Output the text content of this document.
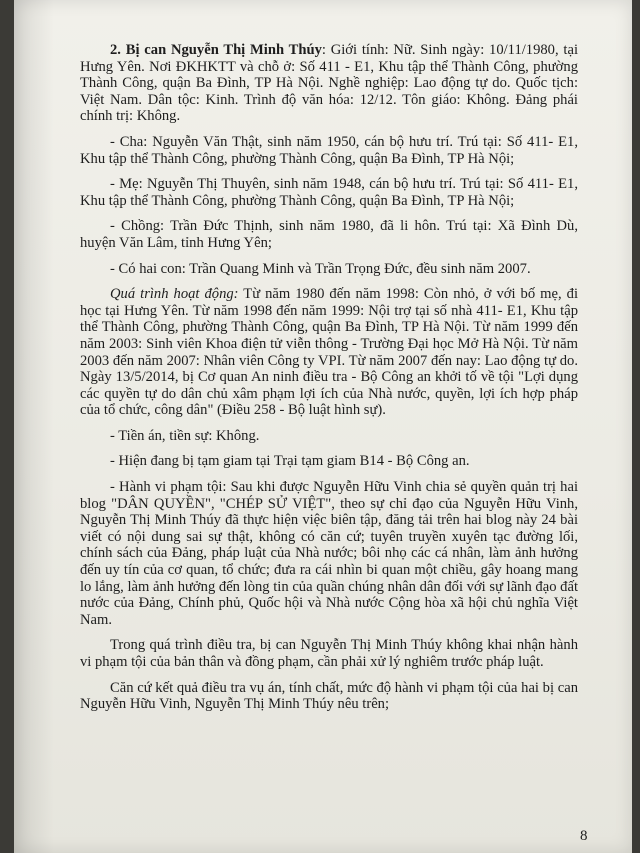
2. Bị can Nguyễn Thị Minh Thúy: Giới tính: Nữ. Sinh ngày: 10/11/1980, tại Hưng Yên. Nơi ĐKHKTT và chỗ ở: Số 411 - E1, Khu tập thể Thành Công, phường Thành Công, quận Ba Đình, TP Hà Nội. Nghề nghiệp: Lao động tự do. Quốc tịch: Việt Nam. Dân tộc: Kinh. Trình độ văn hóa: 12/12. Tôn giáo: Không. Đảng phái chính trị: Không.

- Cha: Nguyễn Văn Thật, sinh năm 1950, cán bộ hưu trí. Trú tại: Số 411- E1, Khu tập thể Thành Công, phường Thành Công, quận Ba Đình, TP Hà Nội;

- Mẹ: Nguyễn Thị Thuyên, sinh năm 1948, cán bộ hưu trí. Trú tại: Số 411- E1, Khu tập thể Thành Công, phường Thành Công, quận Ba Đình, TP Hà Nội;

- Chồng: Trần Đức Thịnh, sinh năm 1980, đã li hôn. Trú tại: Xã Đình Dù, huyện Văn Lâm, tỉnh Hưng Yên;

- Có hai con: Trần Quang Minh và Trần Trọng Đức, đều sinh năm 2007.

Quá trình hoạt động: Từ năm 1980 đến năm 1998: Còn nhỏ, ở với bố mẹ, đi học tại Hưng Yên. Từ năm 1998 đến năm 1999: Nội trợ tại số nhà 411- E1, Khu tập thể Thành Công, phường Thành Công, quận Ba Đình, TP Hà Nội. Từ năm 1999 đến năm 2003: Sinh viên Khoa điện tử viễn thông - Trường Đại học Mở Hà Nội. Từ năm 2003 đến năm 2007: Nhân viên Công ty VPI. Từ năm 2007 đến nay: Lao động tự do. Ngày 13/5/2014, bị Cơ quan An ninh điều tra - Bộ Công an khởi tố về tội "Lợi dụng các quyền tự do dân chủ xâm phạm lợi ích của Nhà nước, quyền, lợi ích hợp pháp của tổ chức, công dân" (Điều 258 - Bộ luật hình sự).

- Tiền án, tiền sự: Không.

- Hiện đang bị tạm giam tại Trại tạm giam B14 - Bộ Công an.

- Hành vi phạm tội: Sau khi được Nguyễn Hữu Vinh chia sẻ quyền quản trị hai blog "DÂN QUYỀN", "CHÉP SỬ VIỆT", theo sự chỉ đạo của Nguyễn Hữu Vinh, Nguyễn Thị Minh Thúy đã thực hiện việc biên tập, đăng tải trên hai blog này 24 bài viết có nội dung sai sự thật, không có căn cứ; tuyên truyền xuyên tạc đường lối, chính sách của Đảng, pháp luật của Nhà nước; bôi nhọ các cá nhân, làm ảnh hưởng đến uy tín của cơ quan, tổ chức; đưa ra cái nhìn bi quan một chiều, gây hoang mang lo lắng, làm ảnh hưởng đến lòng tin của quần chúng nhân dân đối với sự lãnh đạo đất nước của Đảng, Chính phủ, Quốc hội và Nhà nước Cộng hòa xã hội chủ nghĩa Việt Nam.

Trong quá trình điều tra, bị can Nguyễn Thị Minh Thúy không khai nhận hành vi phạm tội của bản thân và đồng phạm, cần phải xử lý nghiêm trước pháp luật.

Căn cứ kết quả điều tra vụ án, tính chất, mức độ hành vi phạm tội của hai bị can Nguyễn Hữu Vinh, Nguyễn Thị Minh Thúy nêu trên;

8
